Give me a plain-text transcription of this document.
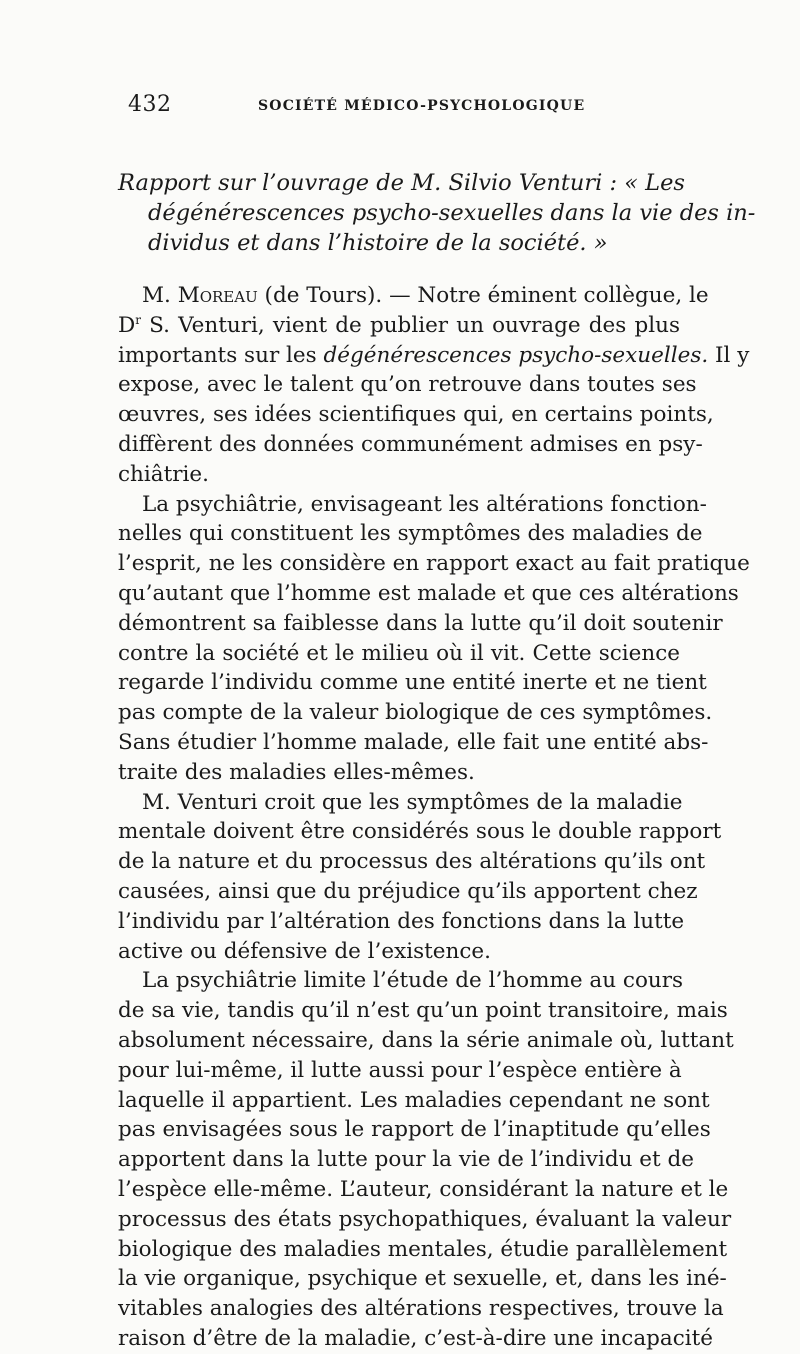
432	SOCIÉTÉ MÉDICO-PSYCHOLOGIQUE
Rapport sur l’ouvrage de M. Silvio Venturi : « Les
dégénérescences psycho-sexuelles dans la vie des in-
dividus et dans l’histoire de la société. »
M. Moreau (de Tours). — Notre éminent collègue, le
$D^r$ S. Venturi, vient de publier un ouvrage des plus
importants sur les dégénérescences psycho-sexuelles. Il y
expose, avec le talent qu’on retrouve dans toutes ses
œuvres, ses idées scientifiques qui, en certains points,
diffèrent des données communément admises en psy-
chiâtrie.
La psychiâtrie, envisageant les altérations fonction-
nelles qui constituent les symptômes des maladies de
l’esprit, ne les considère en rapport exact au fait pratique
qu’autant que l’homme est malade et que ces altérations
démontrent sa faiblesse dans la lutte qu’il doit soutenir
contre la société et le milieu où il vit. Cette science
regarde l’individu comme une entité inerte et ne tient
pas compte de la valeur biologique de ces symptômes.
Sans étudier l’homme malade, elle fait une entité abs-
traite des maladies elles-mêmes.
M. Venturi croit que les symptômes de la maladie
mentale doivent être considérés sous le double rapport
de la nature et du processus des altérations qu’ils ont
causées, ainsi que du préjudice qu’ils apportent chez
l’individu par l’altération des fonctions dans la lutte
active ou défensive de l’existence.
La psychiâtrie limite l’étude de l’homme au cours
de sa vie, tandis qu’il n’est qu’un point transitoire, mais
absolument nécessaire, dans la série animale où, luttant
pour lui-même, il lutte aussi pour l’espèce entière à
laquelle il appartient. Les maladies cependant ne sont
pas envisagées sous le rapport de l’inaptitude qu’elles
apportent dans la lutte pour la vie de l’individu et de
l’espèce elle-même. L’auteur, considérant la nature et le
processus des états psychopathiques, évaluant la valeur
biologique des maladies mentales, étudie parallèlement
la vie organique, psychique et sexuelle, et, dans les iné-
vitables analogies des altérations respectives, trouve la
raison d’être de la maladie, c’est-à-dire une incapacité
